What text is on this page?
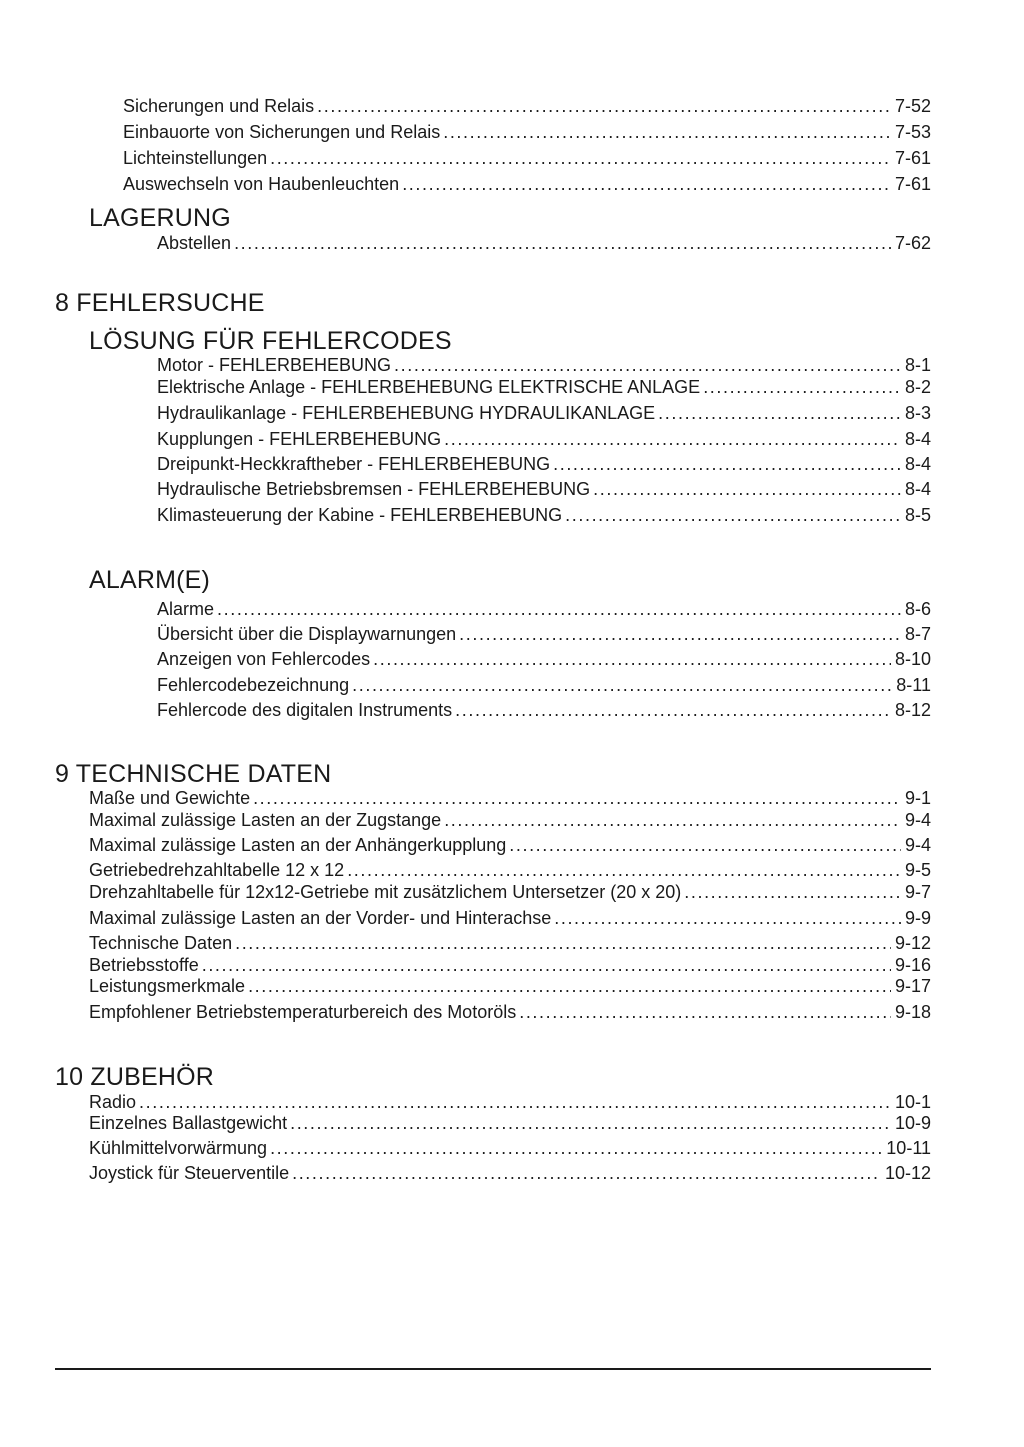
Sicherungen und Relais .....	7-52
Einbauorte von Sicherungen und Relais .....	7-53
Lichteinstellungen .....	7-61
Auswechseln von Haubenleuchten .....	7-61
LAGERUNG
Abstellen .....	7-62
8 FEHLERSUCHE
LÖSUNG FÜR FEHLERCODES
Motor - FEHLERBEHEBUNG .....	8-1
Elektrische Anlage - FEHLERBEHEBUNG ELEKTRISCHE ANLAGE .....	8-2
Hydraulikanlage - FEHLERBEHEBUNG HYDRAULIKANLAGE .....	8-3
Kupplungen - FEHLERBEHEBUNG .....	8-4
Dreipunkt-Heckkraftheber - FEHLERBEHEBUNG .....	8-4
Hydraulische Betriebsbremsen - FEHLERBEHEBUNG .....	8-4
Klimasteuerung der Kabine - FEHLERBEHEBUNG .....	8-5
ALARM(E)
Alarme .....	8-6
Übersicht über die Displaywarnungen .....	8-7
Anzeigen von Fehlercodes .....	8-10
Fehlercodebezeichnung .....	8-11
Fehlercode des digitalen Instruments .....	8-12
9 TECHNISCHE DATEN
Maße und Gewichte .....	9-1
Maximal zulässige Lasten an der Zugstange .....	9-4
Maximal zulässige Lasten an der Anhängerkupplung .....	9-4
Getriebedrehzahltabelle 12 x 12 .....	9-5
Drehzahltabelle für 12x12-Getriebe mit zusätzlichem Untersetzer (20 x 20) .....	9-7
Maximal zulässige Lasten an der Vorder- und Hinterachse .....	9-9
Technische Daten .....	9-12
Betriebsstoffe .....	9-16
Leistungsmerkmale .....	9-17
Empfohlener Betriebstemperaturbereich des Motoröls .....	9-18
10 ZUBEHÖR
Radio .....	10-1
Einzelnes Ballastgewicht .....	10-9
Kühlmittelvorwärmung .....	10-11
Joystick für Steuerventile .....	10-12
